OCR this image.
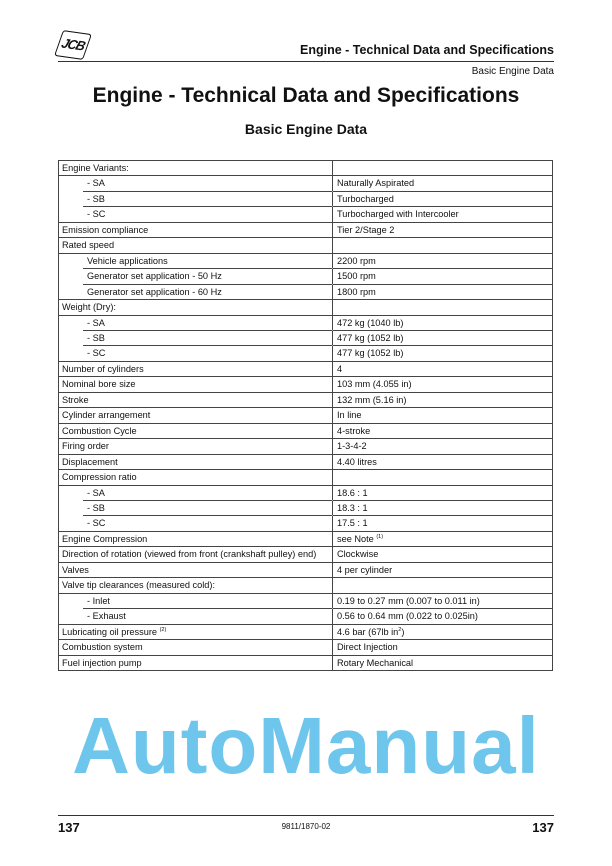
JCB	Engine - Technical Data and Specifications
Basic Engine Data
Engine - Technical Data and Specifications
Basic Engine Data
Engine Variants:
- SA	Naturally Aspirated
- SB	Turbocharged
- SC	Turbocharged with Intercooler
Emission compliance	Tier 2/Stage 2
Rated speed
Vehicle applications	2200 rpm
Generator set application - 50 Hz	1500 rpm
Generator set application - 60 Hz	1800 rpm
Weight (Dry):
- SA	472 kg (1040 lb)
- SB	477 kg (1052 lb)
- SC	477 kg (1052 lb)
Number of cylinders	4
Nominal bore size	103 mm (4.055 in)
Stroke	132 mm (5.16 in)
Cylinder arrangement	In line
Combustion Cycle	4-stroke
Firing order	1-3-4-2
Displacement	4.40 litres
Compression ratio
- SA	18.6 : 1
- SB	18.3 : 1
- SC	17.5 : 1
Engine Compression	see Note $^{(1)}$
Direction of rotation (viewed from front (crankshaft pulley) end)	Clockwise
Valves	4 per cylinder
Valve tip clearances (measured cold):
- Inlet	0.19 to 0.27 mm (0.007 to 0.011 in)
- Exhaust	0.56 to 0.64 mm (0.022 to 0.025in)
Lubricating oil pressure $^{(2)}$	4.6 bar (67lb $in^2$)
Combustion system	Direct Injection
Fuel injection pump	Rotary Mechanical
AutoManual
137	9811/1870-02	137
